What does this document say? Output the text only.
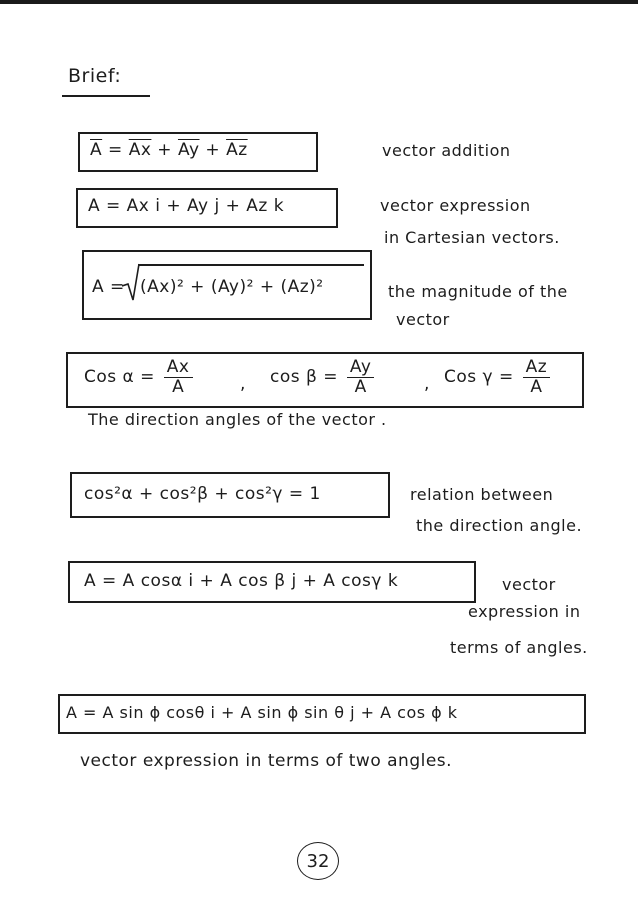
Brief:
$\overline{A} = \overline{Ax} + \overline{Ay} + \overline{Az}$	vector addition
A = Ax i + Ay j + Az k	vector expression
in Cartesian vectors.
A = (Ax)² + (Ay)² + (Az)²	the magnitude of the
vector
Cos $\alpha = \frac{Ax}{A}$	, $\cos \beta = \frac{Ay}{A}$	, Cos $\gamma = \frac{Az}{A}$
The direction angles of the vector .
cos²α + cos²β + cos²γ = 1	relation between
the direction angle.
A = A cosα i + A cos β j + A cosγ k	vector
expression in
terms of angles.
A = A sin ϕ cosθ i + A sin ϕ sin θ j + A cos ϕ k
vector expression in terms of two angles.
32
